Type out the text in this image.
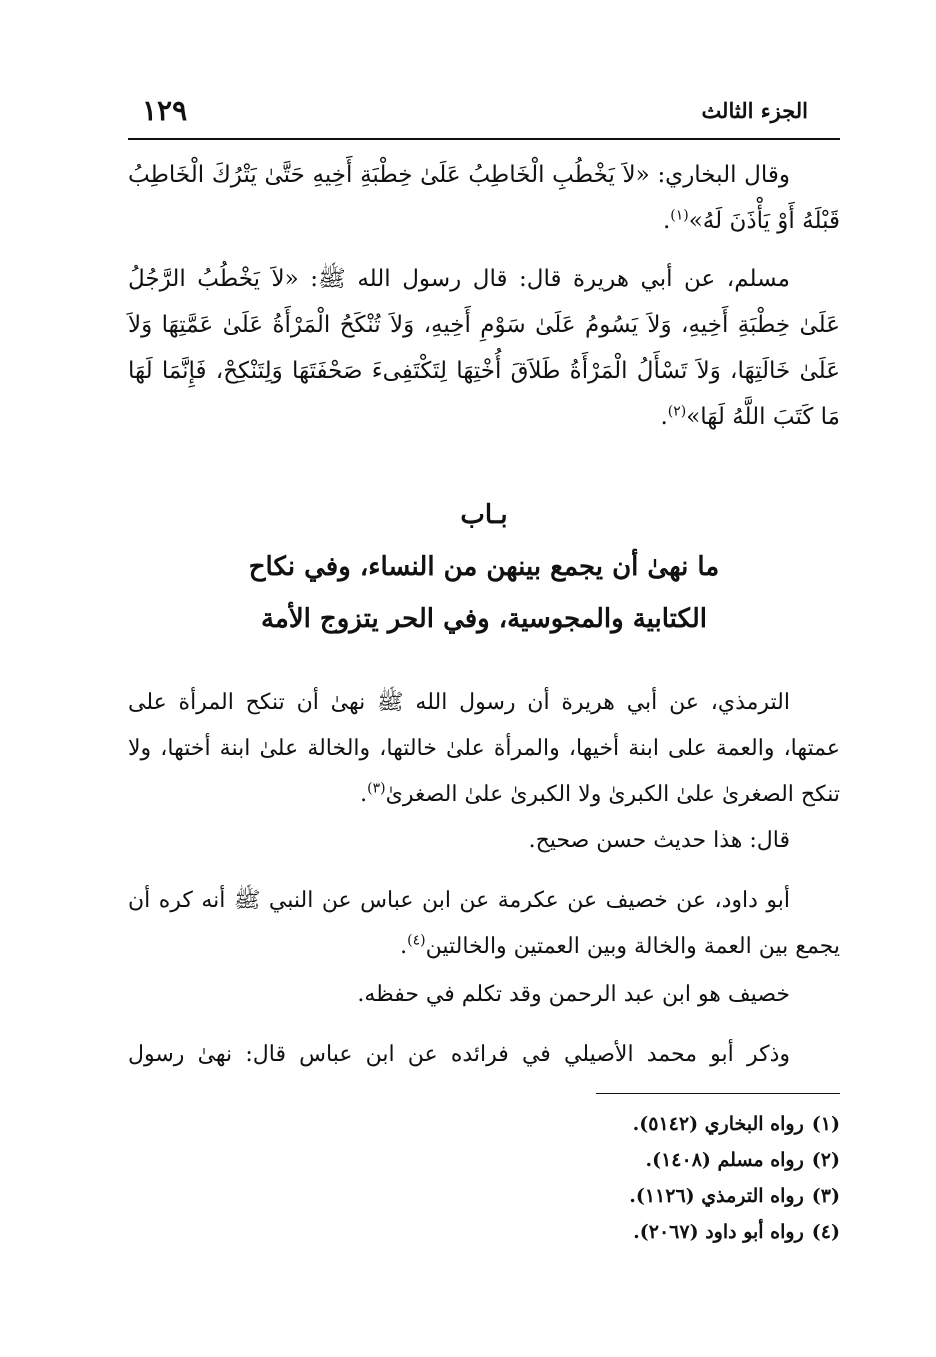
الجزء الثالث
١٢٩

وقال البخاري: «لاَ يَخْطُبِ الْخَاطِبُ عَلَىٰ خِطْبَةِ أَخِيهِ حَتَّىٰ يَتْرُكَ الْخَاطِبُ قَبْلَهُ أَوْ يَأْذَنَ لَهُ»$^{(١)}$.

مسلم، عن أبي هريرة قال: قال رسول الله ﷺ: «لاَ يَخْطُبُ الرَّجُلُ عَلَىٰ خِطْبَةِ أَخِيهِ، وَلاَ يَسُومُ عَلَىٰ سَوْمِ أَخِيهِ، وَلاَ تُنْكَحُ الْمَرْأَةُ عَلَىٰ عَمَّتِهَا وَلاَ عَلَىٰ خَالَتِهَا، وَلاَ تَسْأَلُ الْمَرْأَةُ طَلاَقَ أُخْتِهَا لِتَكْتَفِىءَ صَحْفَتَهَا وَلِتَنْكِحْ، فَإِنَّمَا لَهَا مَا كَتَبَ اللَّهُ لَهَا»$^{(٢)}$.

بـاب
ما نهىٰ أن يجمع بينهن من النساء، وفي نكاح
الكتابية والمجوسية، وفي الحر يتزوج الأمة

الترمذي، عن أبي هريرة أن رسول الله ﷺ نهىٰ أن تنكح المرأة على عمتها، والعمة على ابنة أخيها، والمرأة علىٰ خالتها، والخالة علىٰ ابنة أختها، ولا تنكح الصغرىٰ علىٰ الكبرىٰ ولا الكبرىٰ علىٰ الصغرىٰ$^{(٣)}$.

قال: هذا حديث حسن صحيح.

أبو داود، عن خصيف عن عكرمة عن ابن عباس عن النبي ﷺ أنه كره أن يجمع بين العمة والخالة وبين العمتين والخالتين$^{(٤)}$.

خصيف هو ابن عبد الرحمن وقد تكلم في حفظه.

وذكر أبو محمد الأصيلي في فرائده عن ابن عباس قال: نهىٰ رسول

(١)رواه البخاري (٥١٤٢).

(٢)رواه مسلم (١٤٠٨).

(٣)رواه الترمذي (١١٢٦).

(٤)رواه أبو داود (٢٠٦٧).
